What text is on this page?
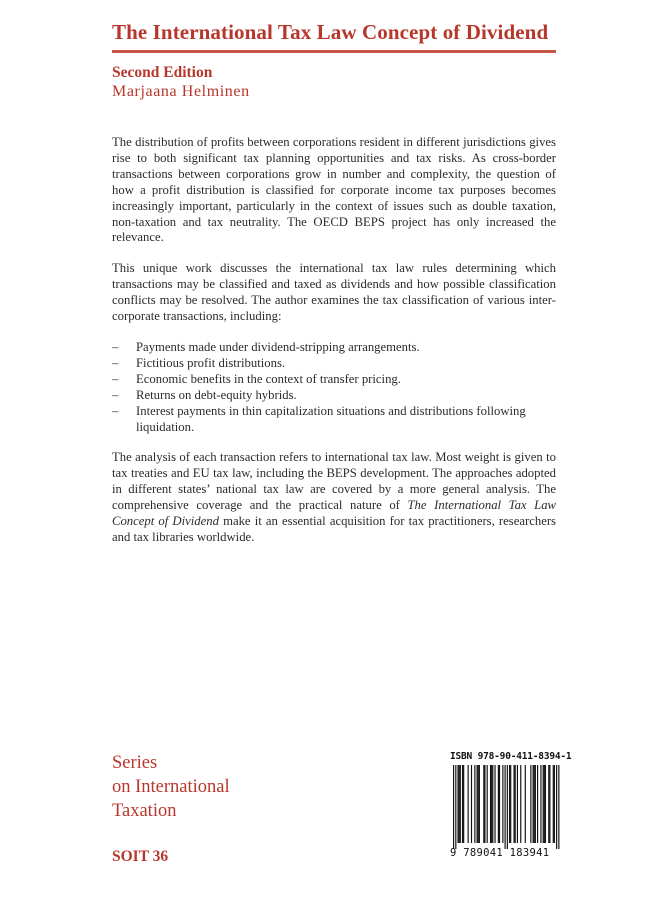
The International Tax Law Concept of Dividend
Second Edition
Marjaana Helminen

The distribution of profits between corporations resident in different jurisdictions gives rise to both significant tax planning opportunities and tax risks. As cross-border transactions between corporations grow in number and complexity, the question of how a profit distribution is classified for corporate income tax purposes becomes increasingly important, particularly in the context of issues such as double taxation, non-taxation and tax neutrality. The OECD BEPS project has only increased the relevance.

This unique work discusses the international tax law rules determining which transactions may be classified and taxed as dividends and how possible classification conflicts may be resolved. The author examines the tax classification of various inter-corporate transactions, including:

– Payments made under dividend-stripping arrangements.
– Fictitious profit distributions.
– Economic benefits in the context of transfer pricing.
– Returns on debt-equity hybrids.
– Interest payments in thin capitalization situations and distributions following liquidation.

The analysis of each transaction refers to international tax law. Most weight is given to tax treaties and EU tax law, including the BEPS development. The approaches adopted in different states’ national tax law are covered by a more general analysis. The comprehensive coverage and the practical nature of The International Tax Law Concept of Dividend make it an essential acquisition for tax practitioners, researchers and tax libraries worldwide.

Series
on International
Taxation
SOIT 36
ISBN 978-90-411-8394-1
9 789041 183941
